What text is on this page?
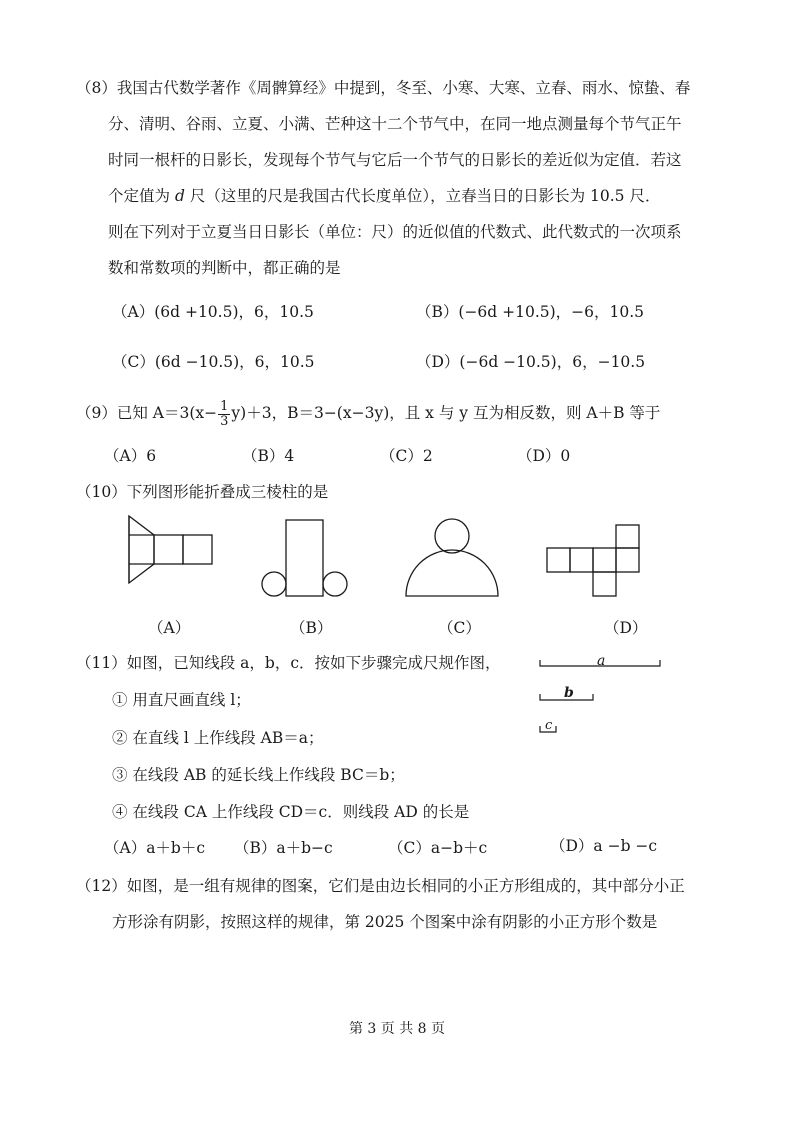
（8）我国古代数学著作《周髀算经》中提到，冬至、小寒、大寒、立春、雨水、惊蛰、春
分、清明、谷雨、立夏、小满、芒种这十二个节气中，在同一地点测量每个节气正午
时同一根杆的日影长，发现每个节气与它后一个节气的日影长的差近似为定值．若这
个定值为 d 尺（这里的尺是我国古代长度单位），立春当日的日影长为 10.5 尺．
则在下列对于立夏当日日影长（单位：尺）的近似值的代数式、此代数式的一次项系
数和常数项的判断中，都正确的是
（A）(6d +10.5)，6，10.5	（B）(−6d +10.5)，−6，10.5
（C）(6d −10.5)，6，10.5	（D）(−6d −10.5)，6，−10.5
（9）已知 $A=3(x- \frac{1}{3} y)+3$，B＝3−(x−3y)，且 x 与 y 互为相反数，则 A＋B 等于
（A）6	（B）4	（C）2	（D）0
（10）下列图形能折叠成三棱柱的是
（A）	（B）	（C）	（D）
（11）如图，已知线段 a，b，c．按如下步骤完成尺规作图，
① 用直尺画直线 l；
② 在直线 l 上作线段 AB＝a；
③ 在线段 AB 的延长线上作线段 BC＝b；
④ 在线段 CA 上作线段 CD＝c．则线段 AD 的长是
a
b
c
（A）a＋b＋c （B）a＋b−c	（C）a−b＋c	（D）a −b −c
（12）如图，是一组有规律的图案，它们是由边长相同的小正方形组成的，其中部分小正
方形涂有阴影，按照这样的规律，第 2025 个图案中涂有阴影的小正方形个数是
第 3 页 共 8 页
